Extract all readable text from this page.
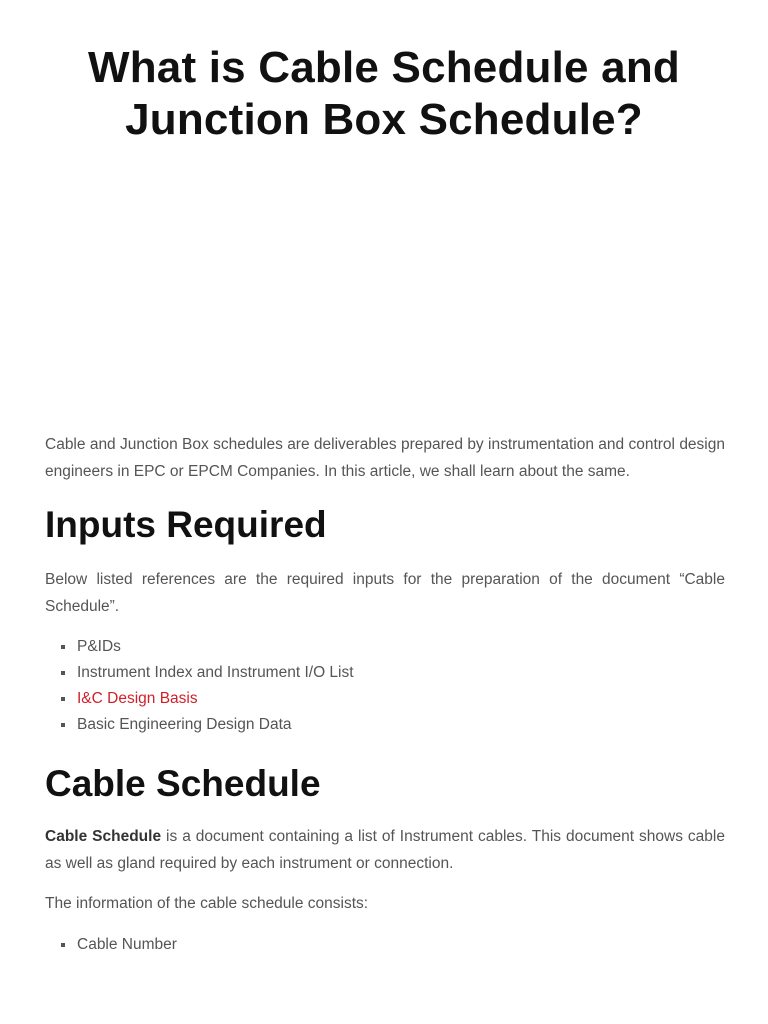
What is Cable Schedule and Junction Box Schedule?

Cable and Junction Box schedules are deliverables prepared by instrumentation and control design engineers in EPC or EPCM Companies. In this article, we shall learn about the same.

Inputs Required

Below listed references are the required inputs for the preparation of the document “Cable Schedule”.

P&IDs
Instrument Index and Instrument I/O List
I&C Design Basis
Basic Engineering Design Data
Cable Schedule

Cable Schedule is a document containing a list of Instrument cables. This document shows cable as well as gland required by each instrument or connection.

The information of the cable schedule consists:

Cable Number
